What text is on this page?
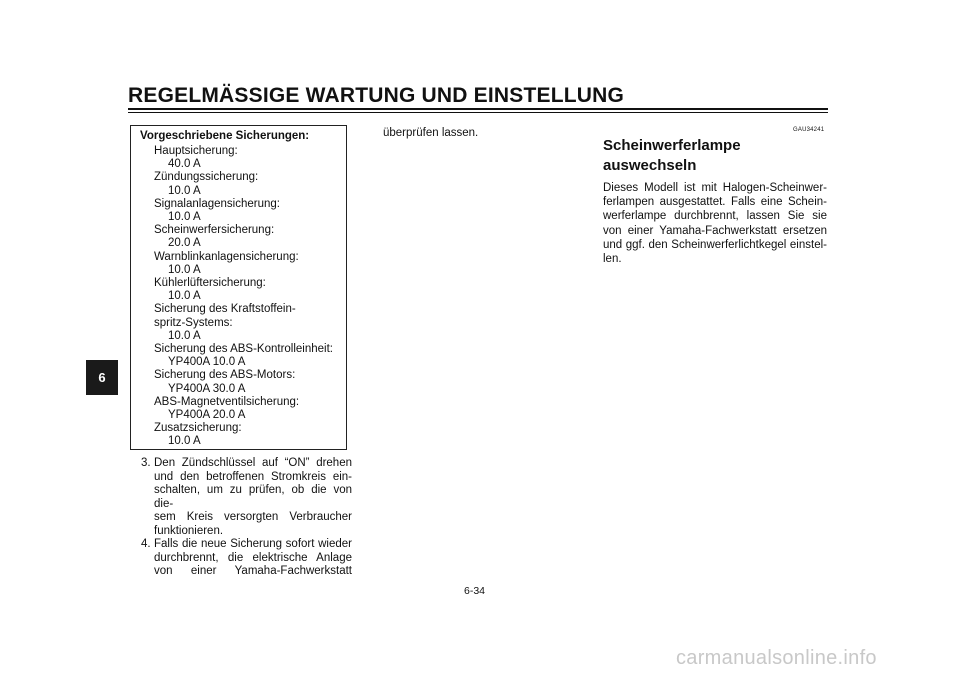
REGELMÄSSIGE WARTUNG UND EINSTELLUNG
6
Vorgeschriebene Sicherungen:
Hauptsicherung:
40.0 A
Zündungssicherung:
10.0 A
Signalanlagensicherung:
10.0 A
Scheinwerfersicherung:
20.0 A
Warnblinkanlagensicherung:
10.0 A
Kühlerlüftersicherung:
10.0 A
Sicherung des Kraftstoffein-
spritz-Systems:
10.0 A
Sicherung des ABS-Kontrolleinheit:
YP400A 10.0 A
Sicherung des ABS-Motors:
YP400A 30.0 A
ABS-Magnetventilsicherung:
YP400A 20.0 A
Zusatzsicherung:
10.0 A
3. Den Zündschlüssel auf “ON” drehen
und den betroffenen Stromkreis ein-
schalten, um zu prüfen, ob die von die-
sem Kreis versorgten Verbraucher
funktionieren.
4. Falls die neue Sicherung sofort wieder
durchbrennt, die elektrische Anlage
von einer Yamaha-Fachwerkstatt
überprüfen lassen.	GAU34241
Scheinwerferlampe
auswechseln
Dieses Modell ist mit Halogen-Scheinwerferlampen ausgestattet. Falls eine Scheinwerferlampe durchbrennt, lassen Sie sie von einer Yamaha-Fachwerkstatt ersetzen und ggf. den Scheinwerferlichtkegel einstellen.
6-34
carmanualsonline.info
